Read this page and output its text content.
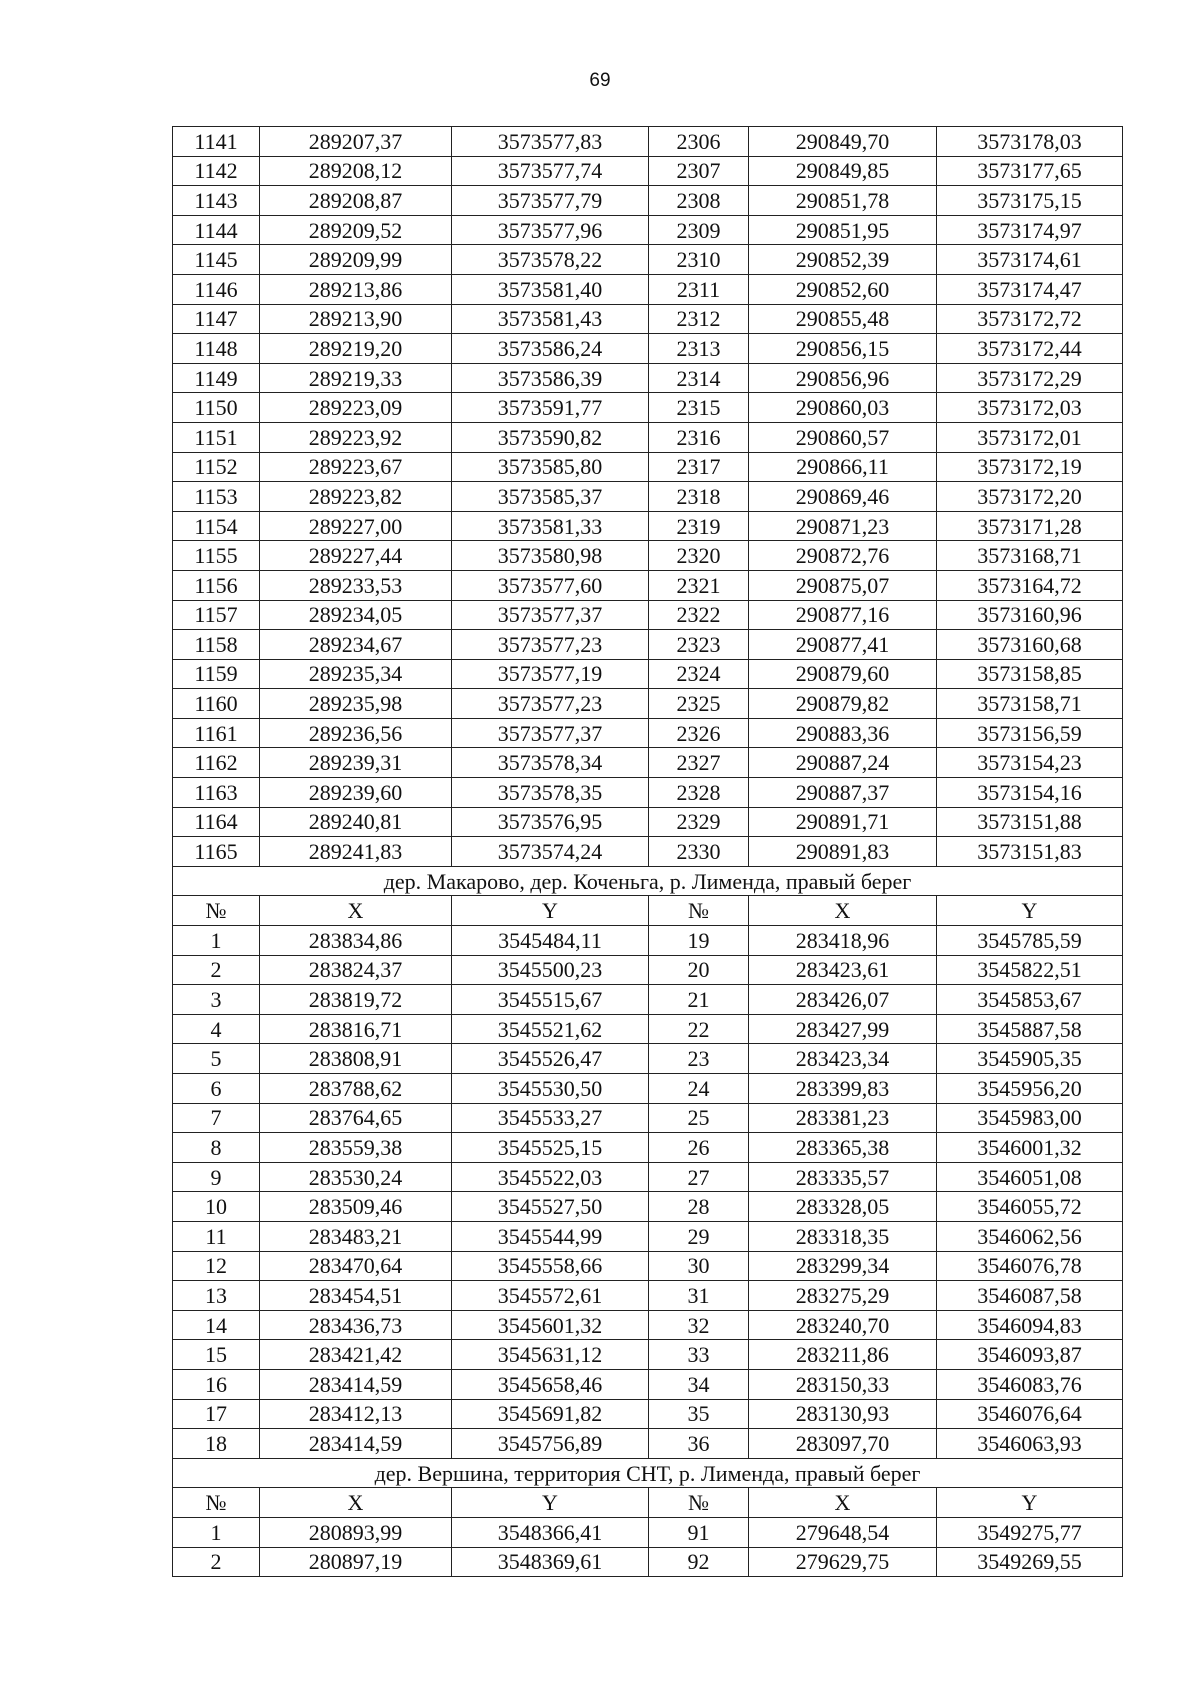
69
1141	289207,37	3573577,83	2306	290849,70	3573178,03
1142	289208,12	3573577,74	2307	290849,85	3573177,65
1143	289208,87	3573577,79	2308	290851,78	3573175,15
1144	289209,52	3573577,96	2309	290851,95	3573174,97
1145	289209,99	3573578,22	2310	290852,39	3573174,61
1146	289213,86	3573581,40	2311	290852,60	3573174,47
1147	289213,90	3573581,43	2312	290855,48	3573172,72
1148	289219,20	3573586,24	2313	290856,15	3573172,44
1149	289219,33	3573586,39	2314	290856,96	3573172,29
1150	289223,09	3573591,77	2315	290860,03	3573172,03
1151	289223,92	3573590,82	2316	290860,57	3573172,01
1152	289223,67	3573585,80	2317	290866,11	3573172,19
1153	289223,82	3573585,37	2318	290869,46	3573172,20
1154	289227,00	3573581,33	2319	290871,23	3573171,28
1155	289227,44	3573580,98	2320	290872,76	3573168,71
1156	289233,53	3573577,60	2321	290875,07	3573164,72
1157	289234,05	3573577,37	2322	290877,16	3573160,96
1158	289234,67	3573577,23	2323	290877,41	3573160,68
1159	289235,34	3573577,19	2324	290879,60	3573158,85
1160	289235,98	3573577,23	2325	290879,82	3573158,71
1161	289236,56	3573577,37	2326	290883,36	3573156,59
1162	289239,31	3573578,34	2327	290887,24	3573154,23
1163	289239,60	3573578,35	2328	290887,37	3573154,16
1164	289240,81	3573576,95	2329	290891,71	3573151,88
1165	289241,83	3573574,24	2330	290891,83	3573151,83
дер. Макарово, дер. Коченьга, р. Лименда, правый берег					
№	X	Y	№	X	Y
1	283834,86	3545484,11	19	283418,96	3545785,59
2	283824,37	3545500,23	20	283423,61	3545822,51
3	283819,72	3545515,67	21	283426,07	3545853,67
4	283816,71	3545521,62	22	283427,99	3545887,58
5	283808,91	3545526,47	23	283423,34	3545905,35
6	283788,62	3545530,50	24	283399,83	3545956,20
7	283764,65	3545533,27	25	283381,23	3545983,00
8	283559,38	3545525,15	26	283365,38	3546001,32
9	283530,24	3545522,03	27	283335,57	3546051,08
10	283509,46	3545527,50	28	283328,05	3546055,72
11	283483,21	3545544,99	29	283318,35	3546062,56
12	283470,64	3545558,66	30	283299,34	3546076,78
13	283454,51	3545572,61	31	283275,29	3546087,58
14	283436,73	3545601,32	32	283240,70	3546094,83
15	283421,42	3545631,12	33	283211,86	3546093,87
16	283414,59	3545658,46	34	283150,33	3546083,76
17	283412,13	3545691,82	35	283130,93	3546076,64
18	283414,59	3545756,89	36	283097,70	3546063,93
дер. Вершина, территория СНТ, р. Лименда, правый берег					
№	X	Y	№	X	Y
1	280893,99	3548366,41	91	279648,54	3549275,77
2	280897,19	3548369,61	92	279629,75	3549269,55
